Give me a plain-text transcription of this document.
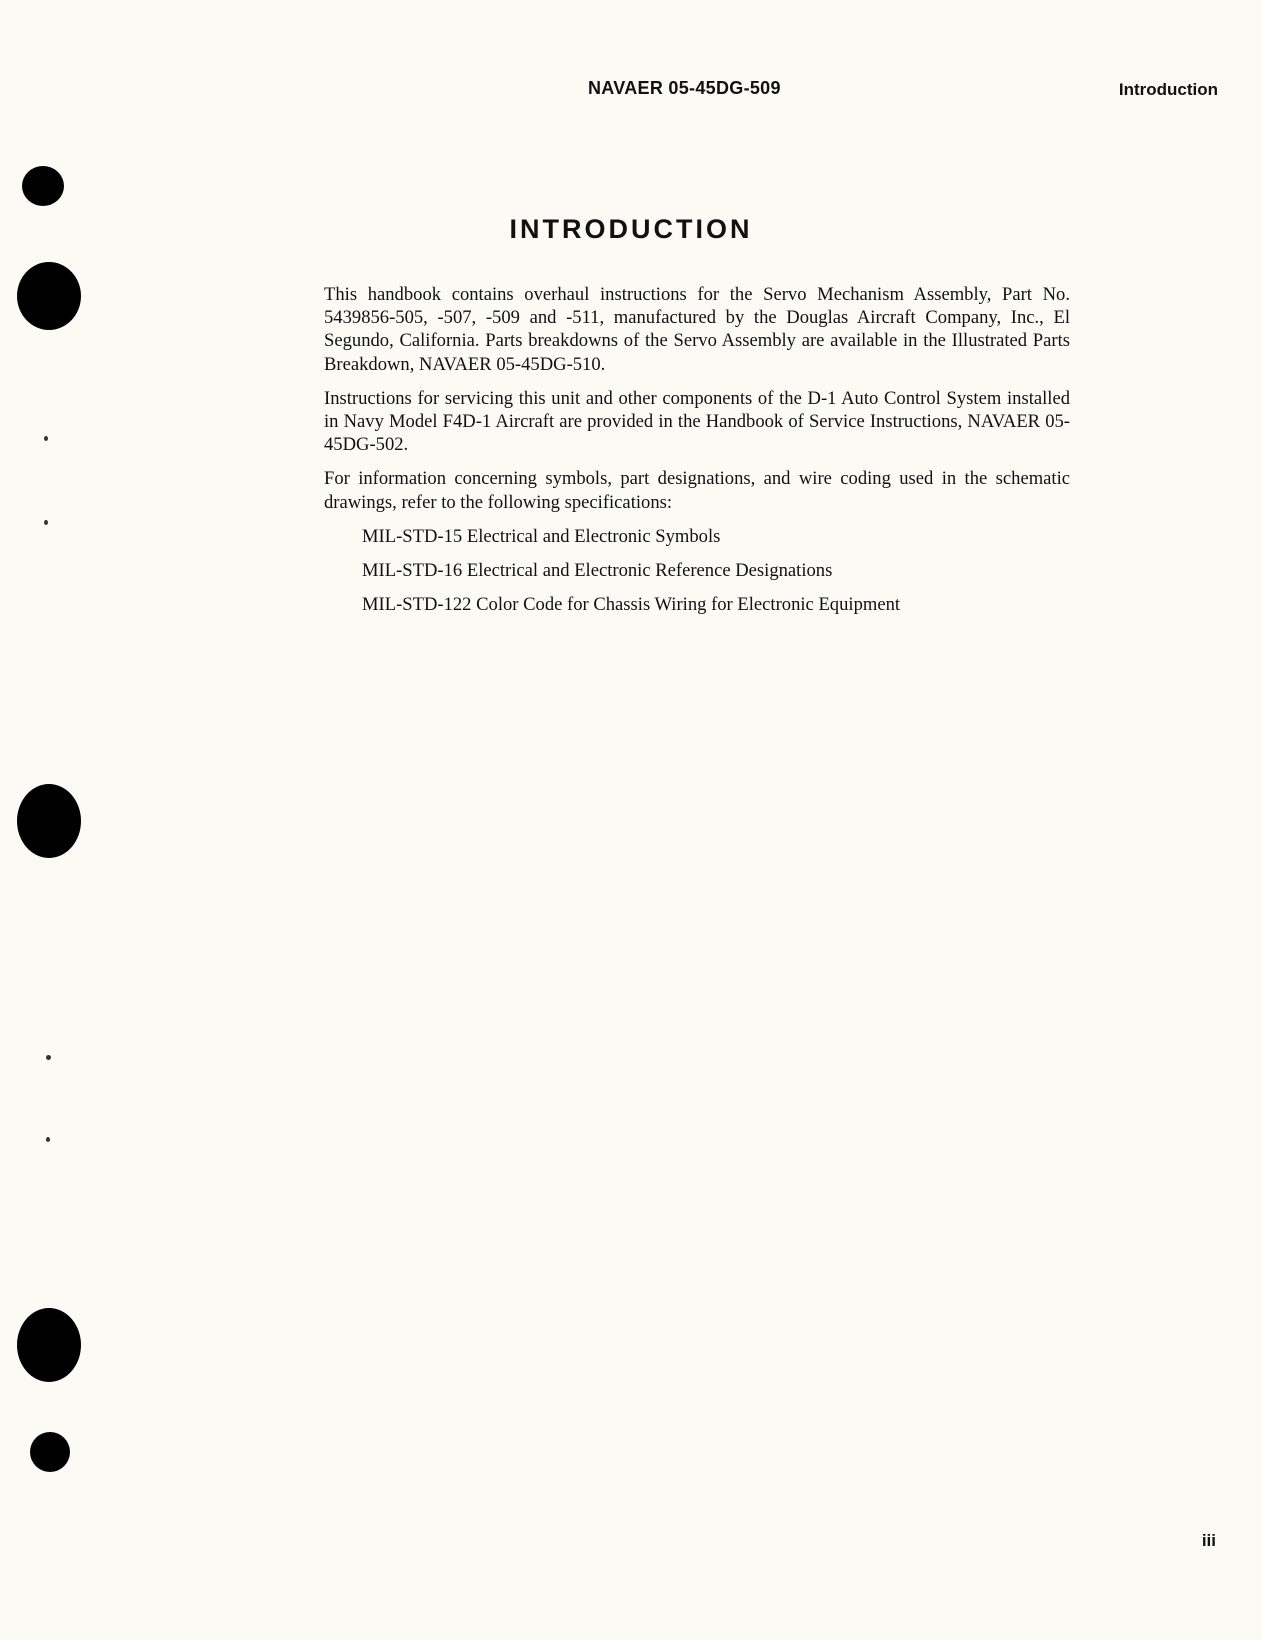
NAVAER 05-45DG-509	Introduction
INTRODUCTION

This handbook contains overhaul instructions for the Servo Mechanism Assembly, Part No. 5439856-505, -507, -509 and -511, manufactured by the Douglas Aircraft Company, Inc., El Segundo, California. Parts breakdowns of the Servo Assembly are available in the Illustrated Parts Breakdown, NAVAER 05-45DG-510.

Instructions for servicing this unit and other components of the D-1 Auto Control System installed in Navy Model F4D-1 Aircraft are provided in the Handbook of Service Instructions, NAVAER 05-45DG-502.

For information concerning symbols, part designations, and wire coding used in the schematic drawings, refer to the following specifications:

MIL-STD-15 Electrical and Electronic Symbols
MIL-STD-16 Electrical and Electronic Reference Designations
MIL-STD-122 Color Code for Chassis Wiring for Electronic Equipment
iii
